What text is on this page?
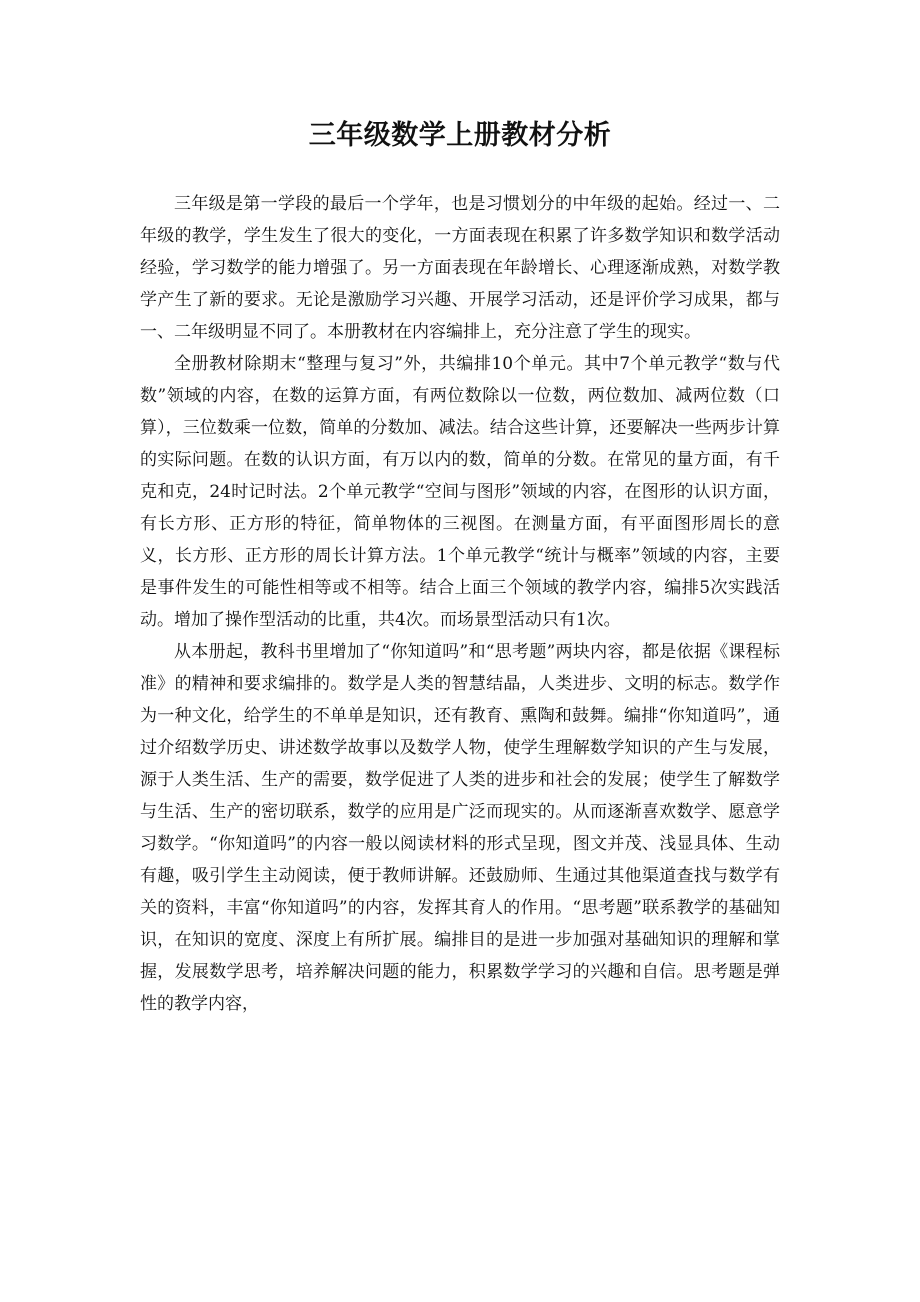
三年级数学上册教材分析

三年级是第一学段的最后一个学年，也是习惯划分的中年级的起始。经过一、二年级的教学，学生发生了很大的变化，一方面表现在积累了许多数学知识和数学活动经验，学习数学的能力增强了。另一方面表现在年龄增长、心理逐渐成熟，对数学教学产生了新的要求。无论是激励学习兴趣、开展学习活动，还是评价学习成果，都与一、二年级明显不同了。本册教材在内容编排上，充分注意了学生的现实。

全册教材除期末“整理与复习”外，共编排10个单元。其中7个单元教学“数与代数”领域的内容，在数的运算方面，有两位数除以一位数，两位数加、减两位数（口算），三位数乘一位数，简单的分数加、减法。结合这些计算，还要解决一些两步计算的实际问题。在数的认识方面，有万以内的数，简单的分数。在常见的量方面，有千克和克，24时记时法。2个单元教学“空间与图形”领域的内容，在图形的认识方面，有长方形、正方形的特征，简单物体的三视图。在测量方面，有平面图形周长的意义，长方形、正方形的周长计算方法。1个单元教学“统计与概率”领域的内容，主要是事件发生的可能性相等或不相等。结合上面三个领域的教学内容，编排5次实践活动。增加了操作型活动的比重，共4次。而场景型活动只有1次。

从本册起，教科书里增加了“你知道吗”和“思考题”两块内容，都是依据《课程标准》的精神和要求编排的。数学是人类的智慧结晶，人类进步、文明的标志。数学作为一种文化，给学生的不单单是知识，还有教育、熏陶和鼓舞。编排“你知道吗”，通过介绍数学历史、讲述数学故事以及数学人物，使学生理解数学知识的产生与发展，源于人类生活、生产的需要，数学促进了人类的进步和社会的发展；使学生了解数学与生活、生产的密切联系，数学的应用是广泛而现实的。从而逐渐喜欢数学、愿意学习数学。“你知道吗”的内容一般以阅读材料的形式呈现，图文并茂、浅显具体、生动有趣，吸引学生主动阅读，便于教师讲解。还鼓励师、生通过其他渠道查找与数学有关的资料，丰富“你知道吗”的内容，发挥其育人的作用。“思考题”联系教学的基础知识，在知识的宽度、深度上有所扩展。编排目的是进一步加强对基础知识的理解和掌握，发展数学思考，培养解决问题的能力，积累数学学习的兴趣和自信。思考题是弹性的教学内容，
